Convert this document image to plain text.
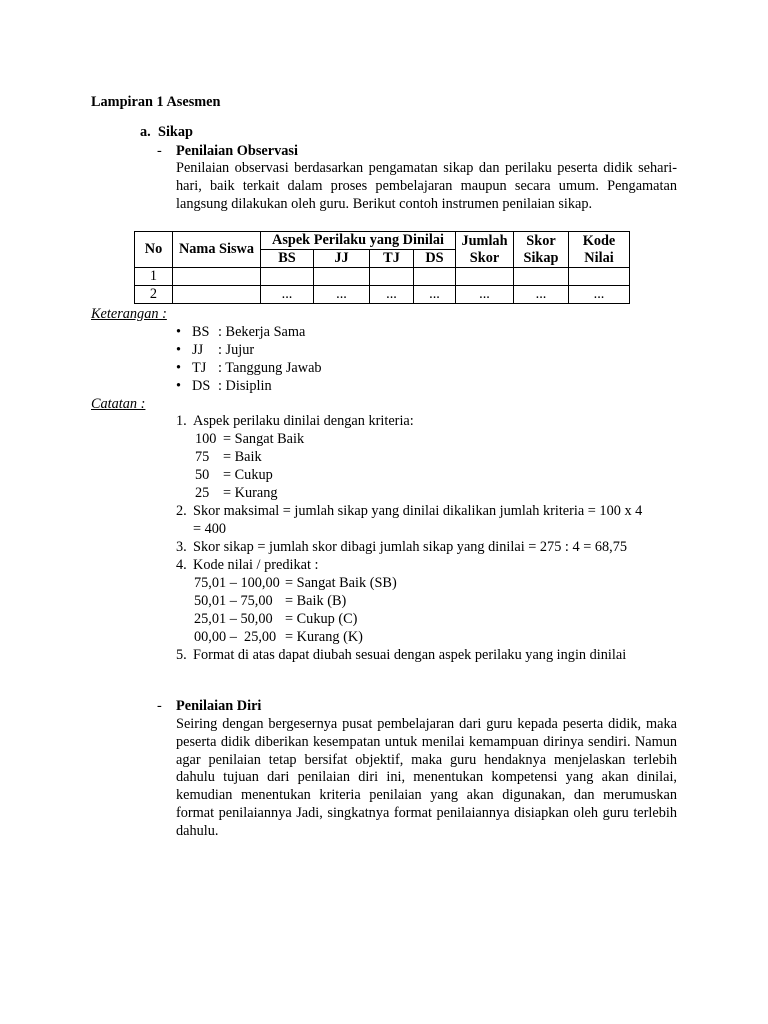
Lampiran 1 Asesmen
a. Sikap
- Penilaian Observasi
Penilaian observasi berdasarkan pengamatan sikap dan perilaku peserta didik sehari-hari, baik terkait dalam proses pembelajaran maupun secara umum. Pengamatan langsung dilakukan oleh guru. Berikut contoh instrumen penilaian sikap.
No	Nama Siswa	Aspek Perilaku yang Dinilai				Jumlah Skor	Skor Sikap	Kode Nilai
		BS	JJ	TJ	DS			
1								
2		...	...	...	...	...	...	...
Keterangan :
• BS : Bekerja Sama
• JJ : Jujur
• TJ : Tanggung Jawab
• DS : Disiplin
Catatan :
1. Aspek perilaku dinilai dengan kriteria:
100 = Sangat Baik
75 = Baik
50 = Cukup
25 = Kurang
2. Skor maksimal = jumlah sikap yang dinilai dikalikan jumlah kriteria = 100 x 4
= 400
3. Skor sikap = jumlah skor dibagi jumlah sikap yang dinilai = 275 : 4 = 68,75
4. Kode nilai / predikat :
75,01 – 100,00 = Sangat Baik (SB)
50,01 – 75,00 = Baik (B)
25,01 – 50,00 = Cukup (C)
00,00 –  25,00 = Kurang (K)
5. Format di atas dapat diubah sesuai dengan aspek perilaku yang ingin dinilai
- Penilaian Diri
Seiring dengan bergesernya pusat pembelajaran dari guru kepada peserta didik, maka peserta didik diberikan kesempatan untuk menilai kemampuan dirinya sendiri. Namun agar penilaian tetap bersifat objektif, maka guru hendaknya menjelaskan terlebih dahulu tujuan dari penilaian diri ini, menentukan kompetensi yang akan dinilai, kemudian menentukan kriteria penilaian yang akan digunakan, dan merumuskan format penilaiannya Jadi, singkatnya format penilaiannya disiapkan oleh guru terlebih dahulu.
